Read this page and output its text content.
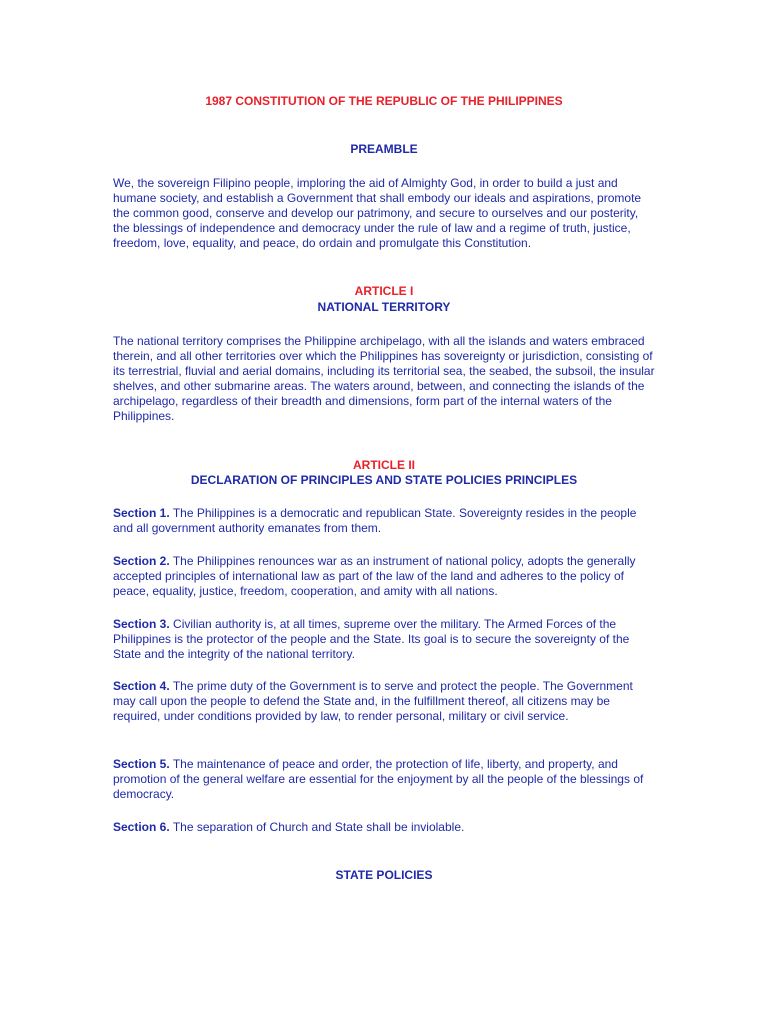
1987 CONSTITUTION OF THE REPUBLIC OF THE PHILIPPINES
PREAMBLE

We, the sovereign Filipino people, imploring the aid of Almighty God, in order to build a just and humane society, and establish a Government that shall embody our ideals and aspirations, promote the common good, conserve and develop our patrimony, and secure to ourselves and our posterity, the blessings of independence and democracy under the rule of law and a regime of truth, justice, freedom, love, equality, and peace, do ordain and promulgate this Constitution.

ARTICLE I
NATIONAL TERRITORY

The national territory comprises the Philippine archipelago, with all the islands and waters embraced therein, and all other territories over which the Philippines has sovereignty or jurisdiction, consisting of its terrestrial, fluvial and aerial domains, including its territorial sea, the seabed, the subsoil, the insular shelves, and other submarine areas. The waters around, between, and connecting the islands of the archipelago, regardless of their breadth and dimensions, form part of the internal waters of the Philippines.

ARTICLE II
DECLARATION OF PRINCIPLES AND STATE POLICIES PRINCIPLES

Section 1. The Philippines is a democratic and republican State. Sovereignty resides in the people and all government authority emanates from them.

Section 2. The Philippines renounces war as an instrument of national policy, adopts the generally accepted principles of international law as part of the law of the land and adheres to the policy of peace, equality, justice, freedom, cooperation, and amity with all nations.

Section 3. Civilian authority is, at all times, supreme over the military. The Armed Forces of the Philippines is the protector of the people and the State. Its goal is to secure the sovereignty of the State and the integrity of the national territory.

Section 4. The prime duty of the Government is to serve and protect the people. The Government may call upon the people to defend the State and, in the fulfillment thereof, all citizens may be required, under conditions provided by law, to render personal, military or civil service.

Section 5. The maintenance of peace and order, the protection of life, liberty, and property, and promotion of the general welfare are essential for the enjoyment by all the people of the blessings of democracy.

Section 6. The separation of Church and State shall be inviolable.

STATE POLICIES
